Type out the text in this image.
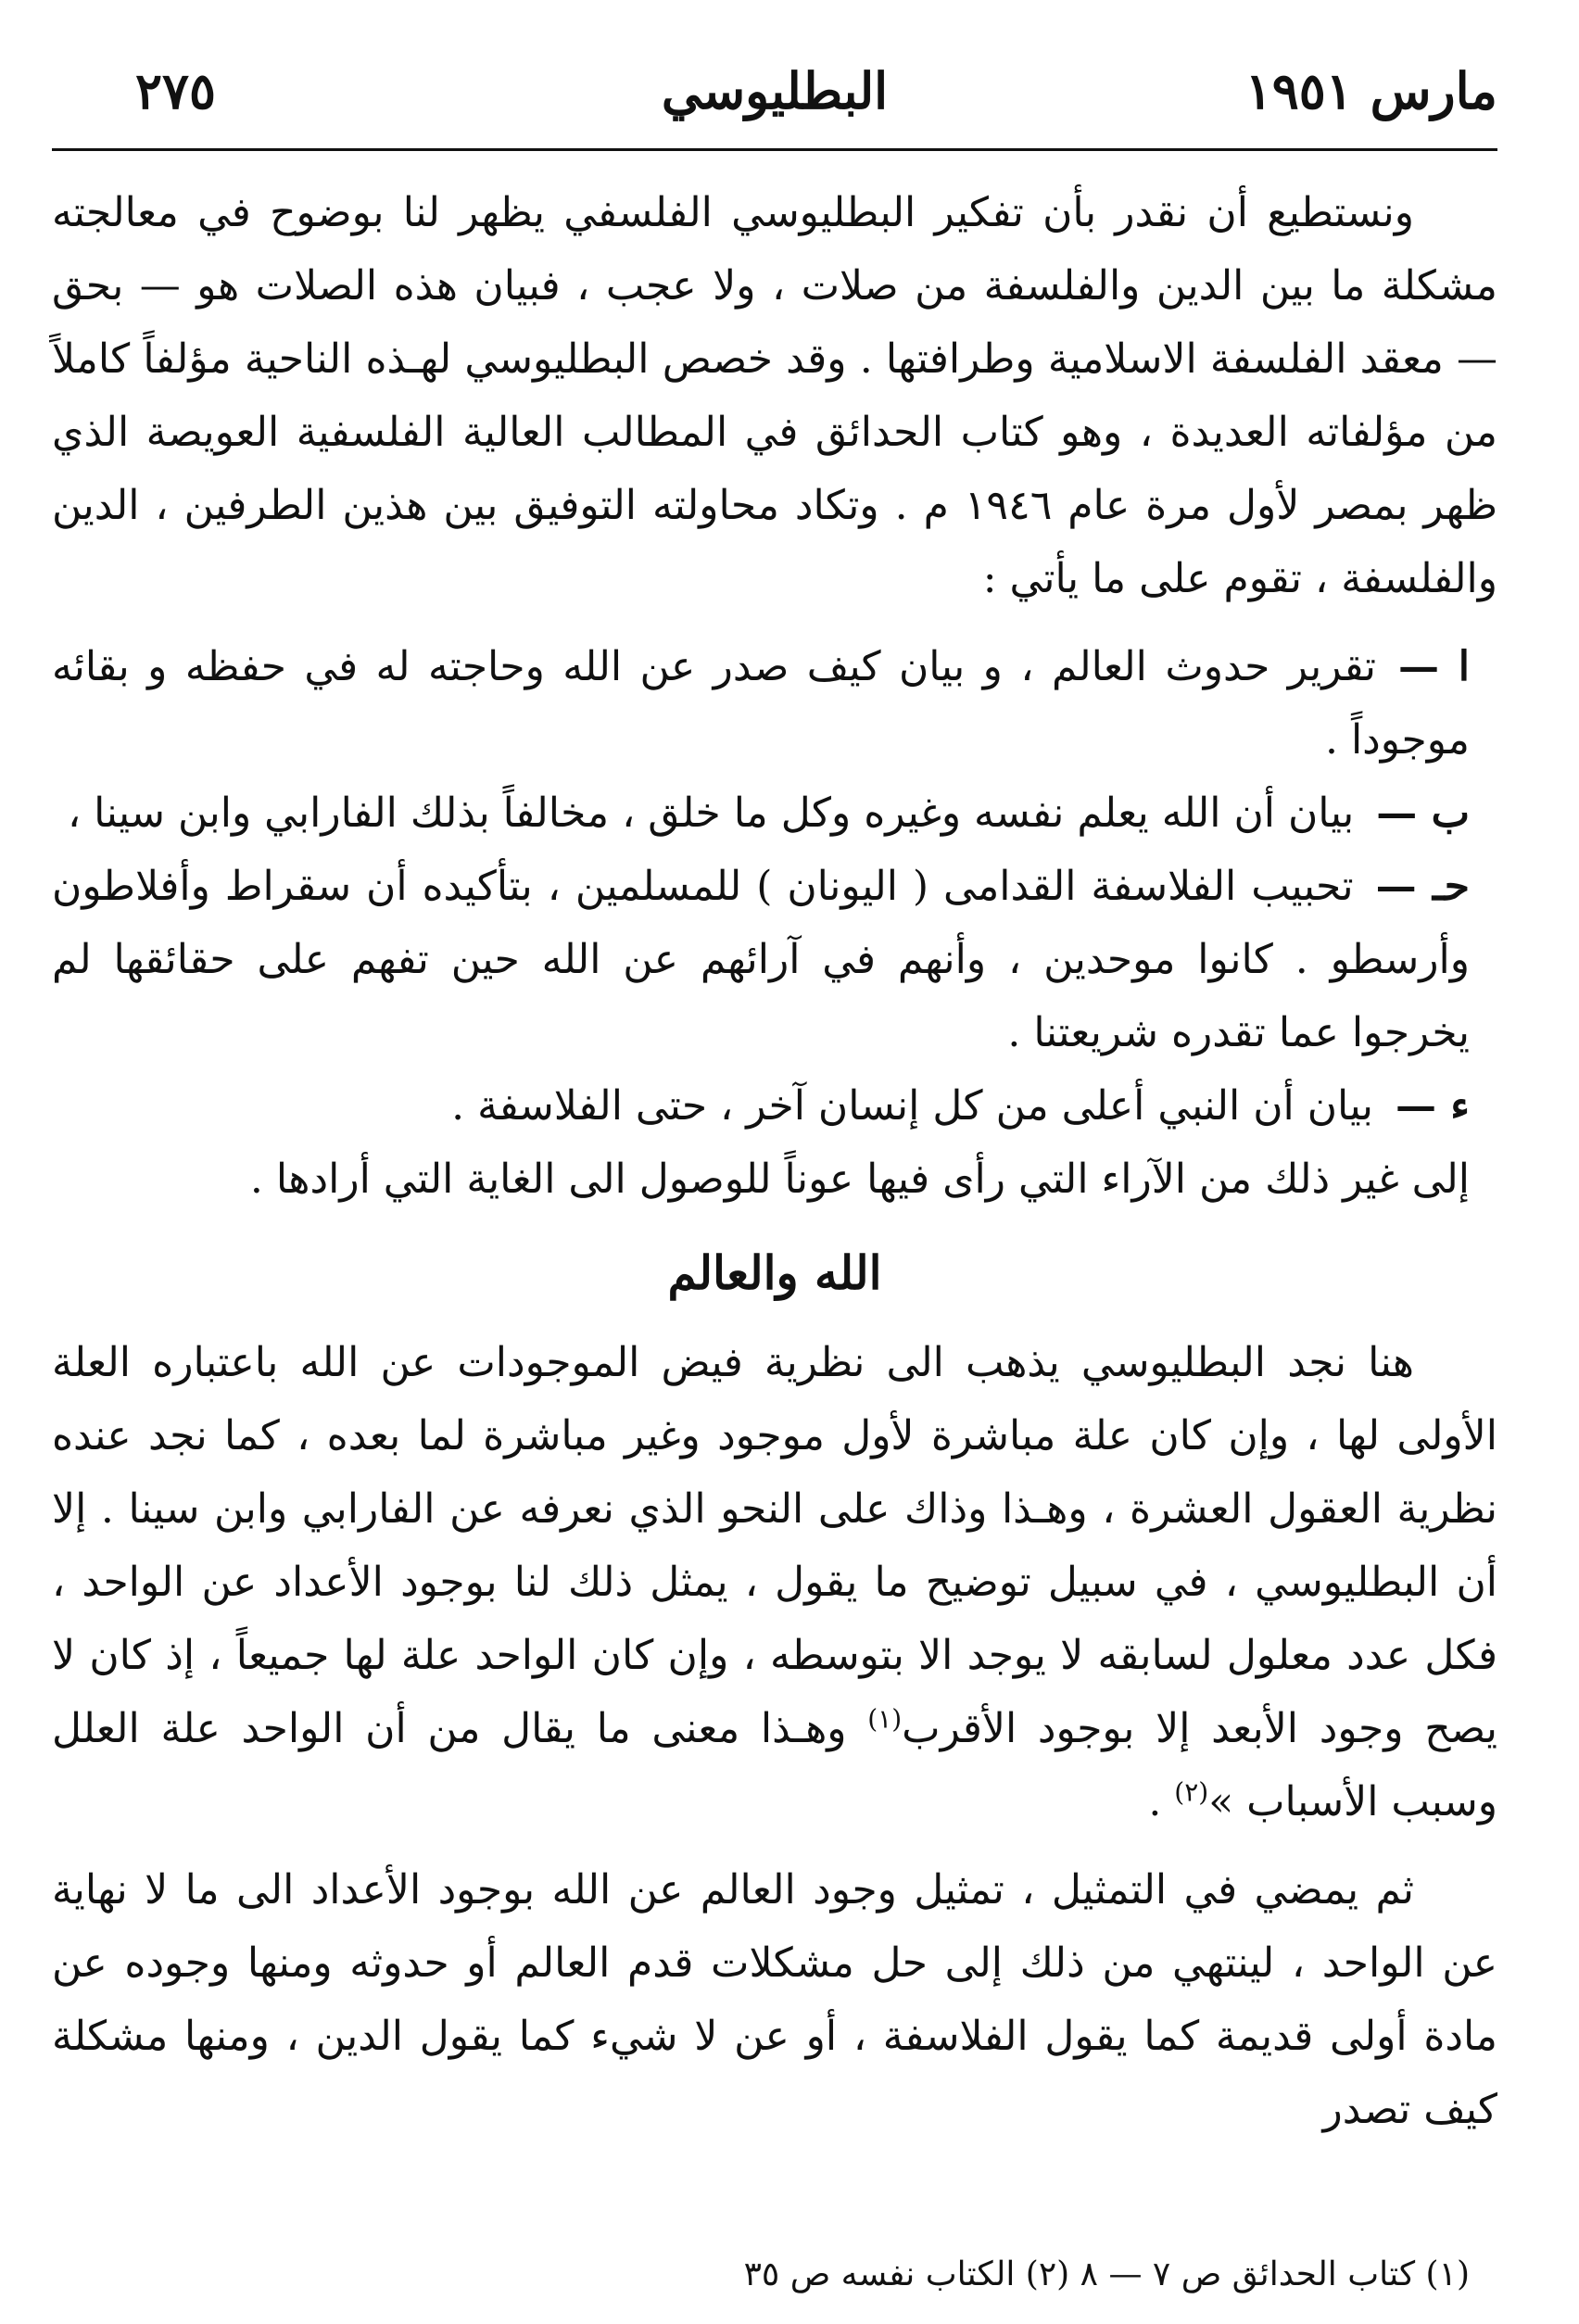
مارس ١٩٥١
البطليوسي
٢٧٥

ونستطيع أن نقدر بأن تفكير البطليوسي الفلسفي يظهر لنا بوضوح في معالجته مشكلة ما بين الدين والفلسفة من صلات ، ولا عجب ، فبيان هذه الصلات هو — بحق — معقد الفلسفة الاسلامية وطرافتها . وقد خصص البطليوسي لهـذه الناحية مؤلفاً كاملاً من مؤلفاته العديدة ، وهو كتاب الحدائق في المطالب العالية الفلسفية العويصة الذي ظهر بمصر لأول مرة عام ١٩٤٦ م . وتكاد محاولته التوفيق بين هذين الطرفين ، الدين والفلسفة ، تقوم على ما يأتي :

ا —تقرير حدوث العالم ، و بيان كيف صدر عن الله وحاجته له في حفظه و بقائه موجوداً .

ب —بيان أن الله يعلم نفسه وغيره وكل ما خلق ، مخالفاً بذلك الفارابي وابن سينا ،

حـ —تحبيب الفلاسفة القدامى ( اليونان ) للمسلمين ، بتأكيده أن سقراط وأفلاطون وأرسطو . كانوا موحدين ، وأنهم في آرائهم عن الله حين تفهم على حقائقها لم يخرجوا عما تقدره شريعتنا .

ء —بيان أن النبي أعلى من كل إنسان آخر ، حتى الفلاسفة .

إلى غير ذلك من الآراء التي رأى فيها عوناً للوصول الى الغاية التي أرادها .

الله والعالم

هنا نجد البطليوسي يذهب الى نظرية فيض الموجودات عن الله باعتباره العلة الأولى لها ، وإن كان علة مباشرة لأول موجود وغير مباشرة لما بعده ، كما نجد عنده نظرية العقول العشرة ، وهـذا وذاك على النحو الذي نعرفه عن الفارابي وابن سينا . إلا أن البطليوسي ، في سبيل توضيح ما يقول ، يمثل ذلك لنا بوجود الأعداد عن الواحد ، فكل عدد معلول لسابقه لا يوجد الا بتوسطه ، وإن كان الواحد علة لها جميعاً ، إذ كان لا يصح وجود الأبعد إلا بوجود الأقرب$^{(١)}$ وهـذا معنى ما يقال من أن الواحد علة العلل وسبب الأسباب »$^{(٢)}$ .

ثم يمضي في التمثيل ، تمثيل وجود العالم عن الله بوجود الأعداد الى ما لا نهاية عن الواحد ، لينتهي من ذلك إلى حل مشكلات قدم العالم أو حدوثه ومنها وجوده عن مادة أولى قديمة كما يقول الفلاسفة ، أو عن لا شيء كما يقول الدين ، ومنها مشكلة كيف تصدر

(١) كتاب الحدائق ص ٧ — ٨ (٢) الكتاب نفسه ص ٣٥
